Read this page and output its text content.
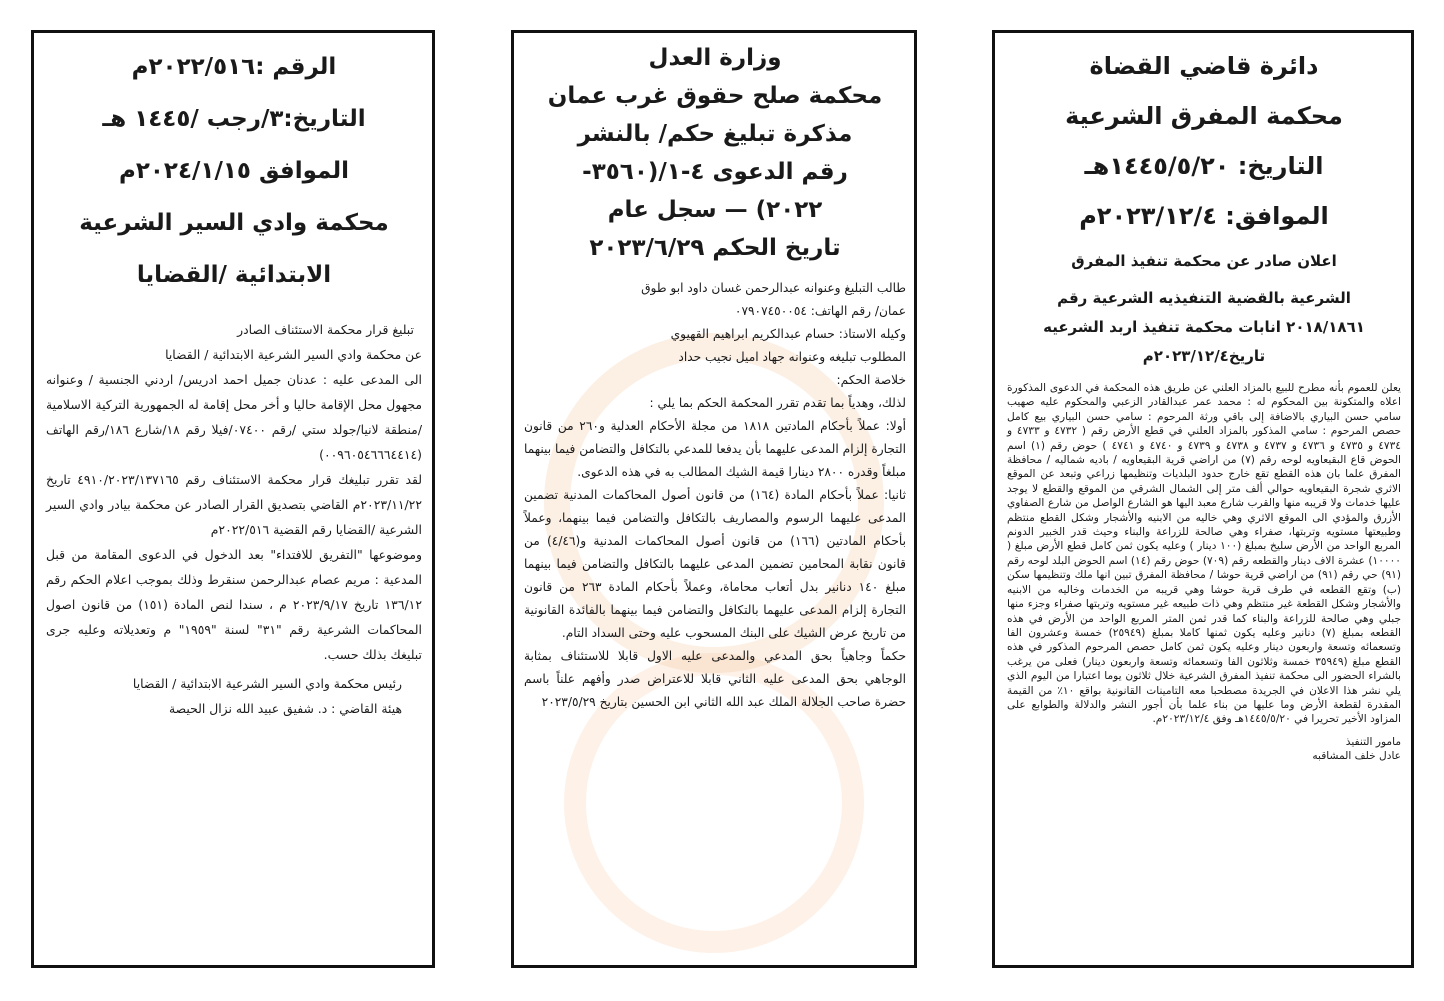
الرقم :٢٠٢٢/٥١٦م
التاريخ:٣/رجب /١٤٤٥ هـ
الموافق ٢٠٢٤/١/١٥م
محكمة وادي السير الشرعية
الابتدائية /القضايا

تبليغ قرار محكمة الاستئناف الصادر

عن محكمة وادي السير الشرعية الابتدائية / القضايا

الى المدعى عليه : عدنان جميل احمد ادريس/ اردني الجنسية / وعنوانه مجهول محل الإقامة حاليا و أخر محل إقامة له الجمهورية التركية الاسلامية /منطقة لانيا/جولد ستي /رقم ٠٧٤٠٠/فيلا رقم ١٨/شارع ١٨٦/رقم الهاتف (٠٠٩٦٠٥٤٦٦٦٤٤١٤)

لقد تقرر تبليغك قرار محكمة الاستئناف رقم ٤٩١٠/٢٠٢٣/١٣٧١٦٥ تاريخ ٢٠٢٣/١١/٢٢م القاضي بتصديق القرار الصادر عن محكمة بيادر وادي السير الشرعية /القضايا رقم القضية ٢٠٢٢/٥١٦م

وموضوعها "التفريق للافتداء" بعد الدخول في الدعوى المقامة من قبل المدعية : مريم عصام عبدالرحمن سنقرط وذلك بموجب اعلام الحكم رقم ١٣٦/١٢ تاريخ ٢٠٢٣/٩/١٧ م ، سندا لنص المادة (١٥١) من قانون اصول المحاكمات الشرعية رقم "٣١" لسنة "١٩٥٩" م وتعديلاته وعليه جرى تبليغك بذلك حسب.

رئيس محكمة وادي السير الشرعية الابتدائية / القضايا

هيئة القاضي : د. شفيق عبيد الله نزال الحيصة

وزارة العدل
محكمة صلح حقوق غرب عمان
مذكرة تبليغ حكم/ بالنشر
رقم الدعوى ٤-١/(٣٥٦٠-
٢٠٢٢) — سجل عام
تاريخ الحكم ٢٠٢٣/٦/٢٩

طالب التبليغ وعنوانه عبدالرحمن غسان داود ابو طوق

عمان/ رقم الهاتف: ٠٧٩٠٧٤٥٠٠٥٤

وكيله الاستاذ: حسام عبدالكريم ابراهيم القهيوي

المطلوب تبليغه وعنوانه جهاد اميل نجيب حداد

خلاصة الحكم:

لذلك، وهدياً بما تقدم تقرر المحكمة الحكم بما يلي :

أولا: عملاً بأحكام المادتين ١٨١٨ من مجلة الأحكام العدلية و٢٦٠ من قانون التجارة إلزام المدعى عليهما بأن يدفعا للمدعي بالتكافل والتضامن فيما بينهما مبلغاً وقدره ٢٨٠٠ دينارا قيمة الشيك المطالب به في هذه الدعوى.

ثانيا: عملاً بأحكام المادة (١٦٤) من قانون أصول المحاكمات المدنية تضمين المدعى عليهما الرسوم والمصاريف بالتكافل والتضامن فيما بينهما، وعملاً بأحكام المادتين (١٦٦) من قانون أصول المحاكمات المدنية و(٤/٤٦) من قانون نقابة المحامين تضمين المدعى عليهما بالتكافل والتضامن فيما بينهما مبلغ ١٤٠ دنانير بدل أتعاب محاماة، وعملاً بأحكام المادة ٢٦٣ من قانون التجارة إلزام المدعى عليهما بالتكافل والتضامن فيما بينهما بالفائدة القانونية من تاريخ عرض الشيك على البنك المسحوب عليه وحتى السداد التام.

حكماً وجاهياً بحق المدعي والمدعى عليه الاول قابلا للاستئناف بمثابة الوجاهي بحق المدعى عليه الثاني قابلا للاعتراض صدر وأفهم علناً باسم حضرة صاحب الجلالة الملك عبد الله الثاني ابن الحسين بتاريخ ٢٠٢٣/٥/٢٩

دائرة قاضي القضاة
محكمة المفرق الشرعية
التاريخ: ١٤٤٥/٥/٢٠هـ
الموافق: ٢٠٢٣/١٢/٤م
اعلان صادر عن محكمة تنفيذ المفرق
الشرعية بالقضية التنفيذيه الشرعية رقم
٢٠١٨/١٨٦١ انابات محكمة تنفيذ اربد الشرعيه
تاريخ٢٠٢٣/١٢/٤م
يعلن للعموم بأنه مطرح للبيع بالمزاد العلني عن طريق هذه المحكمة في الدعوى المذكورة اعلاه والمتكونة بين المحكوم له : محمد عمر عبدالقادر الزعبي والمحكوم عليه صهيب سامي حسن البياري بالاضافة إلى باقي ورثة المرحوم : سامي حسن البياري بيع كامل حصص المرحوم : سامي المذكور بالمزاد العلني في قطع الأرض رقم ( ٤٧٣٢ و ٤٧٣٣ و ٤٧٣٤ و ٤٧٣٥ و ٤٧٣٦ و ٤٧٣٧ و ٤٧٣٨ و ٤٧٣٩ و ٤٧٤٠ و ٤٧٤١ ) حوض رقم (١) اسم الحوض قاع البقيعاويه لوحه رقم (٧) من اراضي قرية البقيعاويه / باديه شماليه / محافظة المفرق علما بان هذه القطع تقع خارج حدود البلديات وتنظيمها زراعي وتبعد عن الموقع الاثري شجرة البقيعاويه حوالي ألف متر إلى الشمال الشرقي من الموقع والقطع لا يوجد عليها خدمات ولا قريبه منها والقرب شارع معبد اليها هو الشارع الواصل من شارع الصفاوي الأزرق والمؤدي الى الموقع الاثري وهي خاليه من الابنيه والأشجار وشكل القطع منتظم وطبيعتها مستويه وتربتها، صفراء وهي صالحة للزراعة والبناء وحيث قدر الخبير الدونم المربع الواحد من الأرض سليخ بمبلغ (١٠٠ دينار ) وعليه يكون ثمن كامل قطع الأرض مبلغ ( ١٠٠٠٠) عشرة الاف دينار والقطعه رقم (٧٠٩) حوض رقم (١٤) اسم الحوض البلد لوحه رقم (٩١) حي رقم (٩١) من اراضي قرية حوشا / محافظة المفرق تبين انها ملك وتنظيمها سكن (ب) وتقع القطعه في طرف قرية حوشا وهي قريبه من الخدمات وخاليه من الابنيه والأشجار وشكل القطعة غير منتظم وهي ذات طبيعه غير مستويه وتربتها صفراء وجزء منها جبلي وهي صالحة للزراعة والبناء كما قدر ثمن المتر المربع الواحد من الأرض في هذه القطعه بمبلغ (٧) دنانير وعليه يكون ثمنها كاملا بمبلغ (٢٥٩٤٩) خمسة وعشرون الفا وتسعمائه وتسعة واربعون دينار وعليه يكون ثمن كامل حصص المرحوم المذكور في هذه القطع مبلغ (٣٥٩٤٩ خمسة وثلاثون الفا وتسعمائه وتسعة واربعون دينار) فعلى من يرغب بالشراء الحضور الى محكمة تنفيذ المفرق الشرعية خلال ثلاثون يوما اعتبارا من اليوم الذي يلي نشر هذا الاعلان في الجريدة مصطحبا معه التامينات القانونية بواقع ١٠٪ من القيمة المقدرة لقطعة الأرض وما عليها من بناء علما بأن أجور النشر والدلالة والطوابع على المزاود الأخير تحريرا في ١٤٤٥/٥/٢٠هـ وفق ٢٠٢٣/١٢/٤م.
مامور التنفيذ
عادل خلف المشاقبه
